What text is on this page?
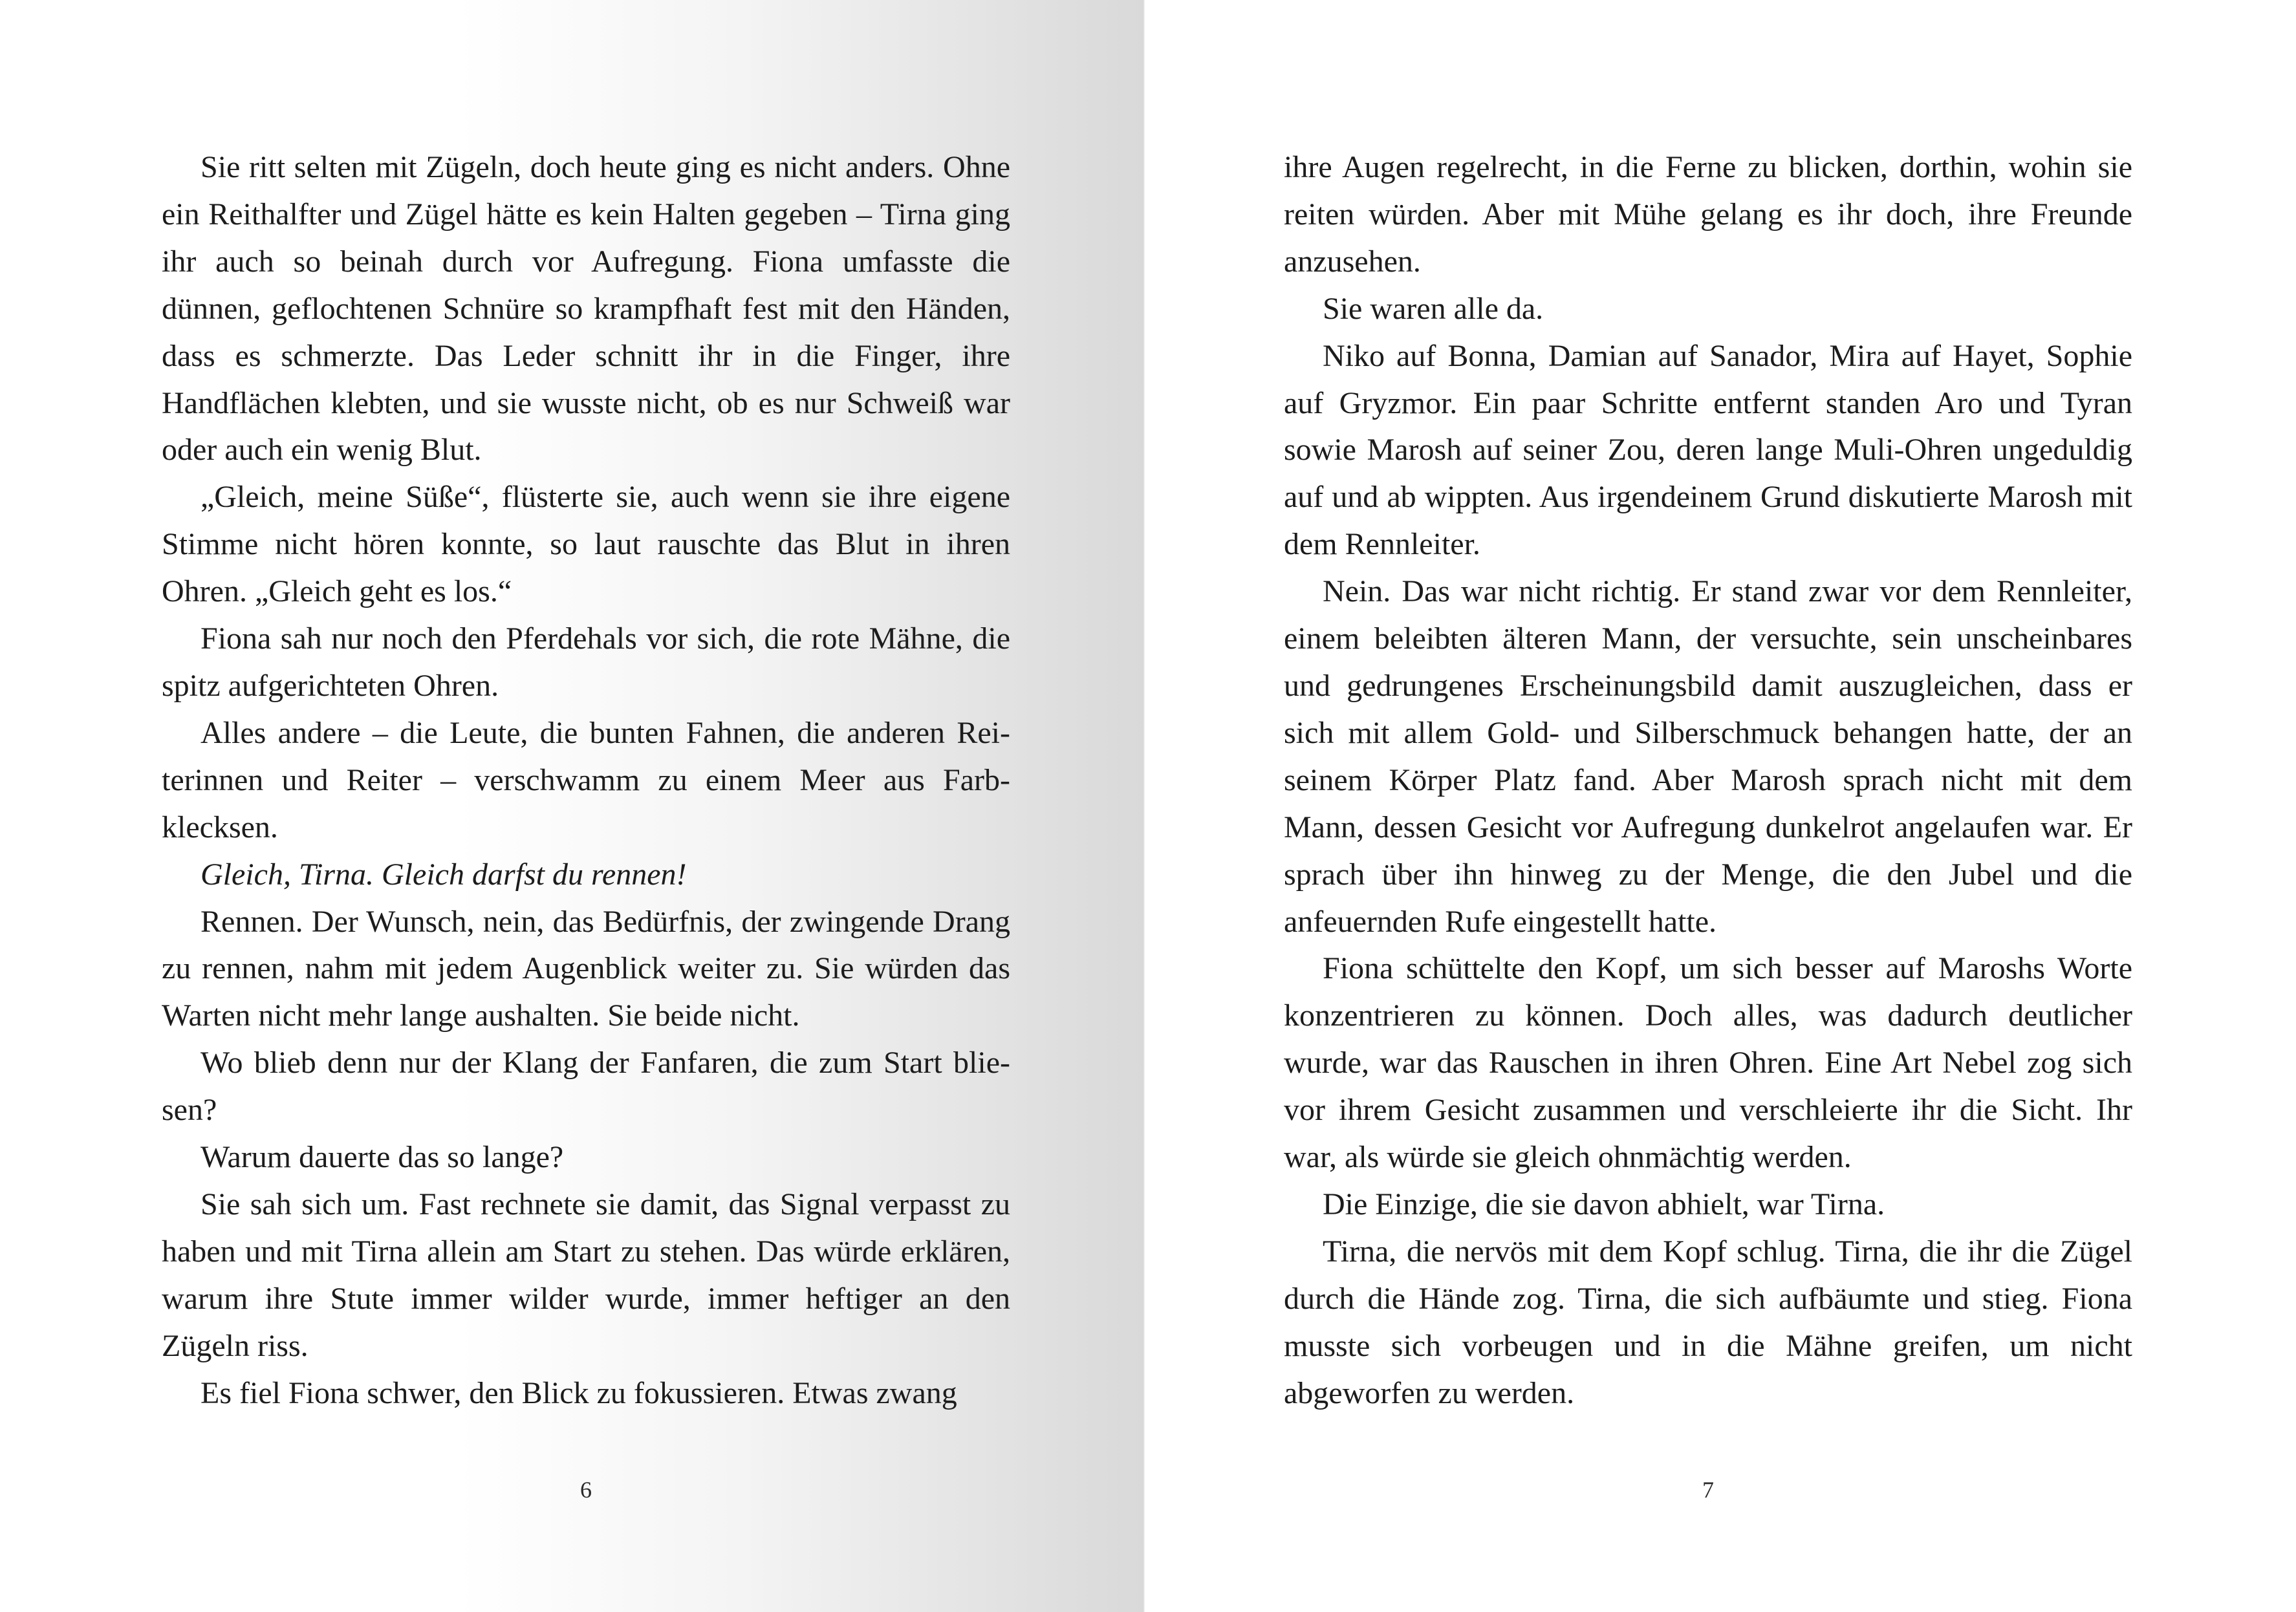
Sie ritt selten mit Zügeln, doch heute ging es nicht anders. Ohne ein Reithalfter und Zügel hätte es kein Halten gegeben – Tirna ging ihr auch so beinah durch vor Aufregung. Fiona umfasste die dünnen, geflochtenen Schnüre so krampfhaft fest mit den Händen, dass es schmerzte. Das Leder schnitt ihr in die Finger, ihre Handflächen klebten, und sie wusste nicht, ob es nur Schweiß war oder auch ein wenig Blut.

„Gleich, meine Süße“, flüsterte sie, auch wenn sie ihre eigene Stimme nicht hören konnte, so laut rauschte das Blut in ihren Ohren. „Gleich geht es los.“

Fiona sah nur noch den Pferdehals vor sich, die rote Mähne, die spitz aufgerichteten Ohren.

Alles andere – die Leute, die bunten Fahnen, die anderen Reiterinnen und Reiter – verschwamm zu einem Meer aus Farbklecksen.

Gleich, Tirna. Gleich darfst du rennen!

Rennen. Der Wunsch, nein, das Bedürfnis, der zwingende Drang zu rennen, nahm mit jedem Augenblick weiter zu. Sie würden das Warten nicht mehr lange aushalten. Sie beide nicht.

Wo blieb denn nur der Klang der Fanfaren, die zum Start bliesen?

Warum dauerte das so lange?

Sie sah sich um. Fast rechnete sie damit, das Signal verpasst zu haben und mit Tirna allein am Start zu stehen. Das würde erklären, warum ihre Stute immer wilder wurde, immer heftiger an den Zügeln riss.

Es fiel Fiona schwer, den Blick zu fokussieren. Etwas zwang

6

ihre Augen regelrecht, in die Ferne zu blicken, dorthin, wohin sie reiten würden. Aber mit Mühe gelang es ihr doch, ihre Freunde anzusehen.

Sie waren alle da.

Niko auf Bonna, Damian auf Sanador, Mira auf Hayet, Sophie auf Gryzmor. Ein paar Schritte entfernt standen Aro und Tyran sowie Marosh auf seiner Zou, deren lange Muli-Ohren ungeduldig auf und ab wippten. Aus irgendeinem Grund diskutierte Marosh mit dem Rennleiter.

Nein. Das war nicht richtig. Er stand zwar vor dem Rennleiter, einem beleibten älteren Mann, der versuchte, sein unscheinbares und gedrungenes Erscheinungsbild damit auszugleichen, dass er sich mit allem Gold- und Silberschmuck behangen hatte, der an seinem Körper Platz fand. Aber Marosh sprach nicht mit dem Mann, dessen Gesicht vor Aufregung dunkelrot angelaufen war. Er sprach über ihn hinweg zu der Menge, die den Jubel und die anfeuernden Rufe eingestellt hatte.

Fiona schüttelte den Kopf, um sich besser auf Maroshs Worte konzentrieren zu können. Doch alles, was dadurch deutlicher wurde, war das Rauschen in ihren Ohren. Eine Art Nebel zog sich vor ihrem Gesicht zusammen und verschleierte ihr die Sicht. Ihr war, als würde sie gleich ohnmächtig werden.

Die Einzige, die sie davon abhielt, war Tirna.

Tirna, die nervös mit dem Kopf schlug. Tirna, die ihr die Zügel durch die Hände zog. Tirna, die sich aufbäumte und stieg. Fiona musste sich vorbeugen und in die Mähne greifen, um nicht abgeworfen zu werden.

7
